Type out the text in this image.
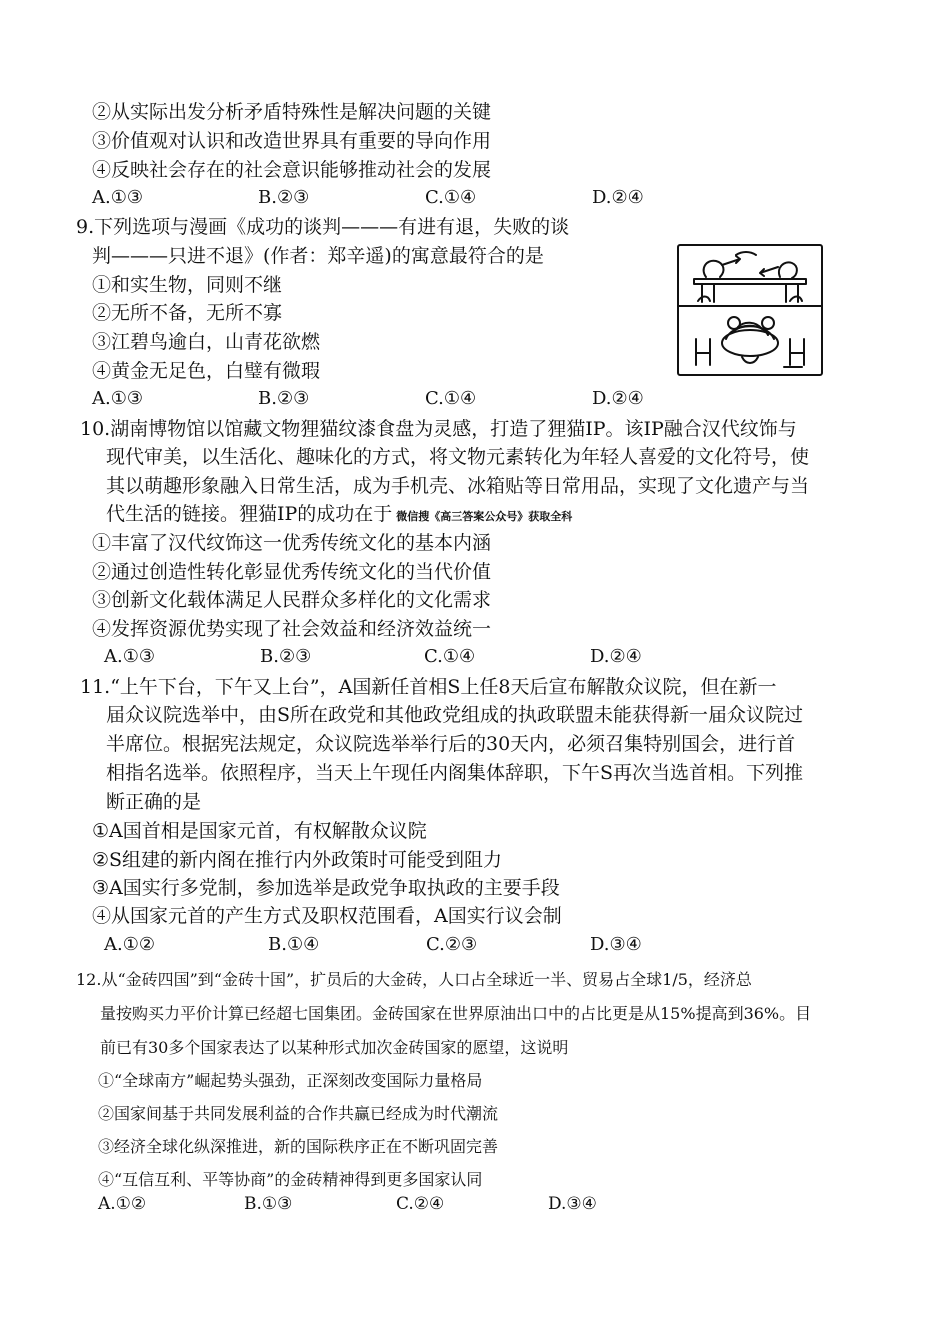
②从实际出发分析矛盾特殊性是解决问题的关键
③价值观对认识和改造世界具有重要的导向作用
④反映社会存在的社会意识能够推动社会的发展
A.①③	B.②③	C.①④	D.②④
9.下列选项与漫画《成功的谈判———有进有退，失败的谈
判———只进不退》(作者：郑辛遥)的寓意最符合的是
①和实生物，同则不继
②无所不备，无所不寡
③江碧鸟逾白，山青花欲燃
④黄金无足色，白璧有微瑕
A.①③	B.②③	C.①④	D.②④
10.湖南博物馆以馆藏文物狸猫纹漆食盘为灵感，打造了狸猫IP。该IP融合汉代纹饰与
现代审美，以生活化、趣味化的方式，将文物元素转化为年轻人喜爱的文化符号，使
其以萌趣形象融入日常生活，成为手机壳、冰箱贴等日常用品，实现了文化遗产与当
代生活的链接。狸猫IP的成功在于 微信搜《高三答案公众号》获取全科
①丰富了汉代纹饰这一优秀传统文化的基本内涵
②通过创造性转化彰显优秀传统文化的当代价值
③创新文化载体满足人民群众多样化的文化需求
④发挥资源优势实现了社会效益和经济效益统一
A.①③	B.②③	C.①④	D.②④
11.“上午下台，下午又上台”，A国新任首相S上任8天后宣布解散众议院，但在新一
届众议院选举中，由S所在政党和其他政党组成的执政联盟未能获得新一届众议院过
半席位。根据宪法规定，众议院选举举行后的30天内，必须召集特别国会，进行首
相指名选举。依照程序，当天上午现任内阁集体辞职，下午S再次当选首相。下列推
断正确的是
①A国首相是国家元首，有权解散众议院
②S组建的新内阁在推行内外政策时可能受到阻力
③A国实行多党制，参加选举是政党争取执政的主要手段
④从国家元首的产生方式及职权范围看，A国实行议会制
A.①②	B.①④	C.②③	D.③④
12.从“金砖四国”到“金砖十国”，扩员后的大金砖，人口占全球近一半、贸易占全球1/5，经济总
量按购买力平价计算已经超七国集团。金砖国家在世界原油出口中的占比更是从15%提高到36%。目
前已有30多个国家表达了以某种形式加次金砖国家的愿望，这说明
①“全球南方”崛起势头强劲，正深刻改变国际力量格局
②国家间基于共同发展利益的合作共赢已经成为时代潮流
③经济全球化纵深推进，新的国际秩序正在不断巩固完善
④“互信互利、平等协商”的金砖精神得到更多国家认同
A.①②	B.①③	C.②④	D.③④
